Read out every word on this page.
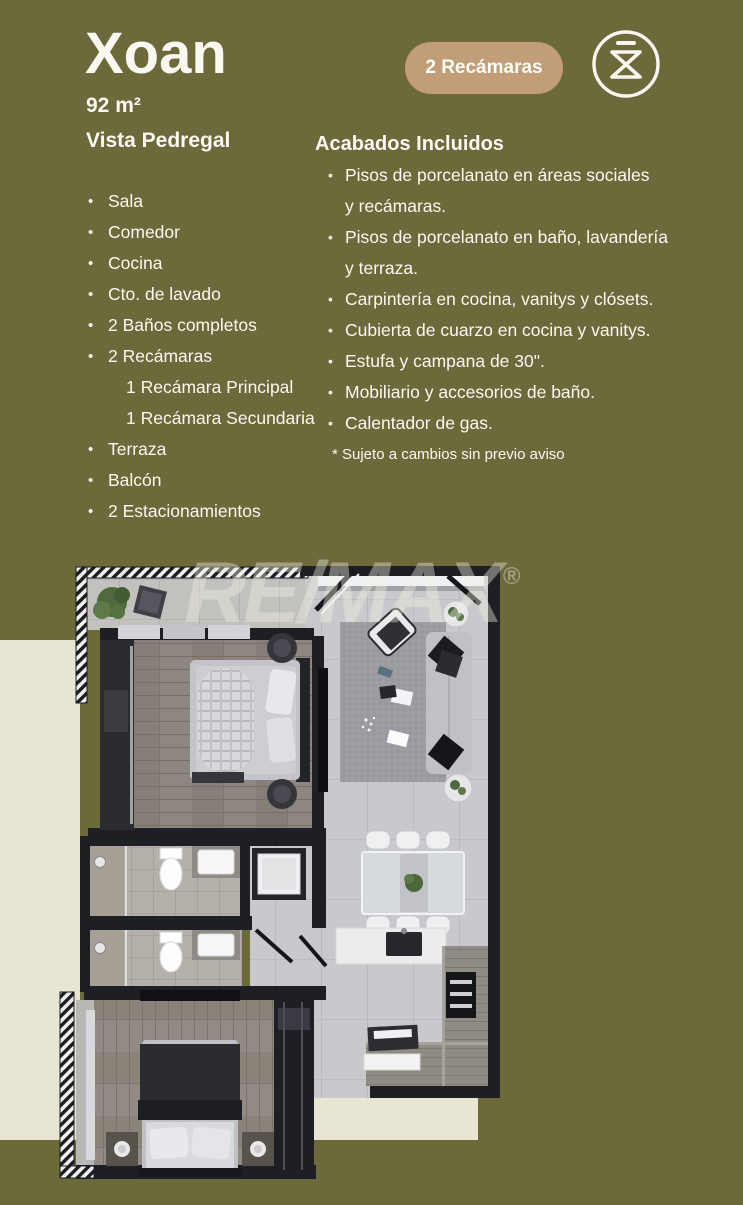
Xoan
92 m²
Vista Pedregal
2 Recámaras
• Sala
• Comedor
• Cocina
• Cto. de lavado
• 2 Baños completos
• 2 Recámaras
1 Recámara Principal
1 Recámara Secundaria
• Terraza
• Balcón
• 2 Estacionamientos
Acabados Incluidos
• Pisos de porcelanato en áreas sociales
y recámaras.
• Pisos de porcelanato en baño, lavandería
y terraza.
• Carpintería en cocina, vanitys y clósets.
• Cubierta de cuarzo en cocina y vanitys.
• Estufa y campana de 30".
• Mobiliario y accesorios de baño.
• Calentador de gas.
* Sujeto a cambios sin previo aviso
RE/MAX®
